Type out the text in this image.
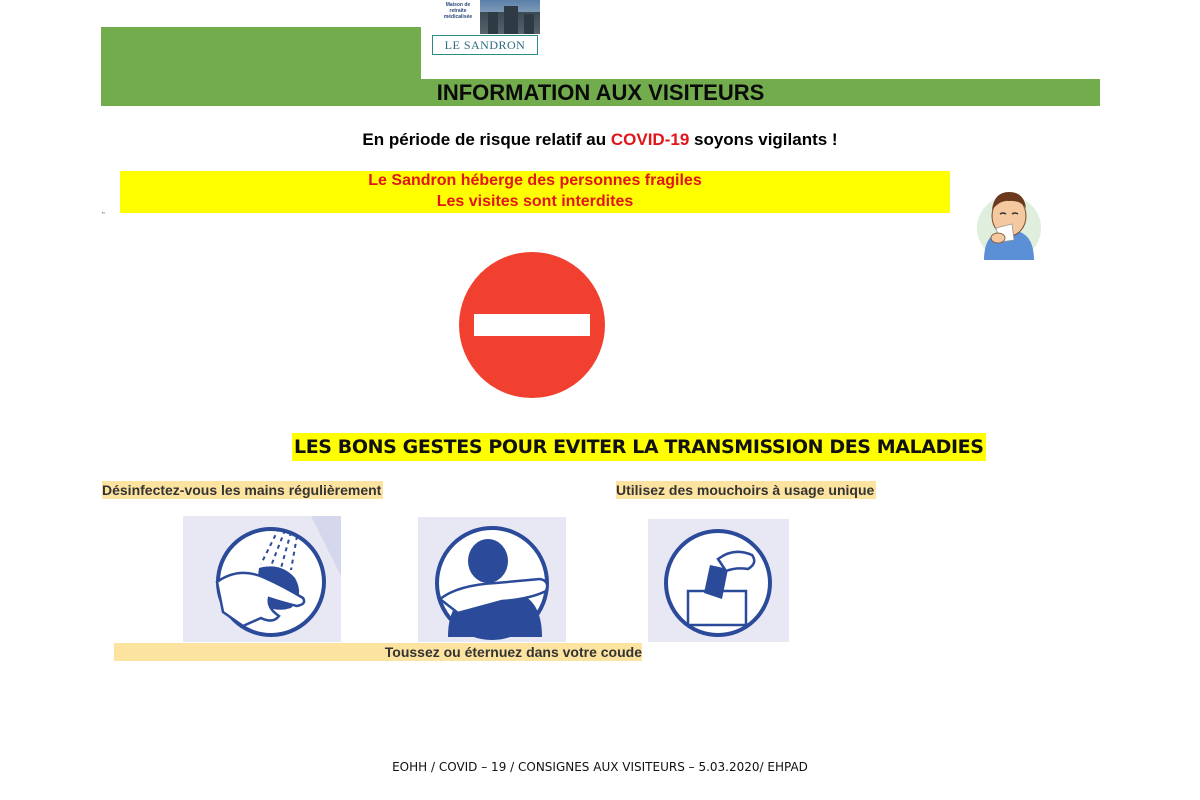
INFORMATION AUX VISITEURS
Maison de
retraite
médicalisée
LE SANDRON

En période de risque relatif au COVID-19 soyons vigilants !

Le Sandron héberge des personnes fragiles

Les visites sont interdites

''
LES BONS GESTES POUR EVITER LA TRANSMISSION DES MALADIES

Désinfectez-vous les mains régulièrement	Utilisez des mouchoirs à usage unique

Toussez ou éternuez dans votre coude

EOHH / COVID – 19 / CONSIGNES AUX VISITEURS – 5.03.2020/ EHPAD
